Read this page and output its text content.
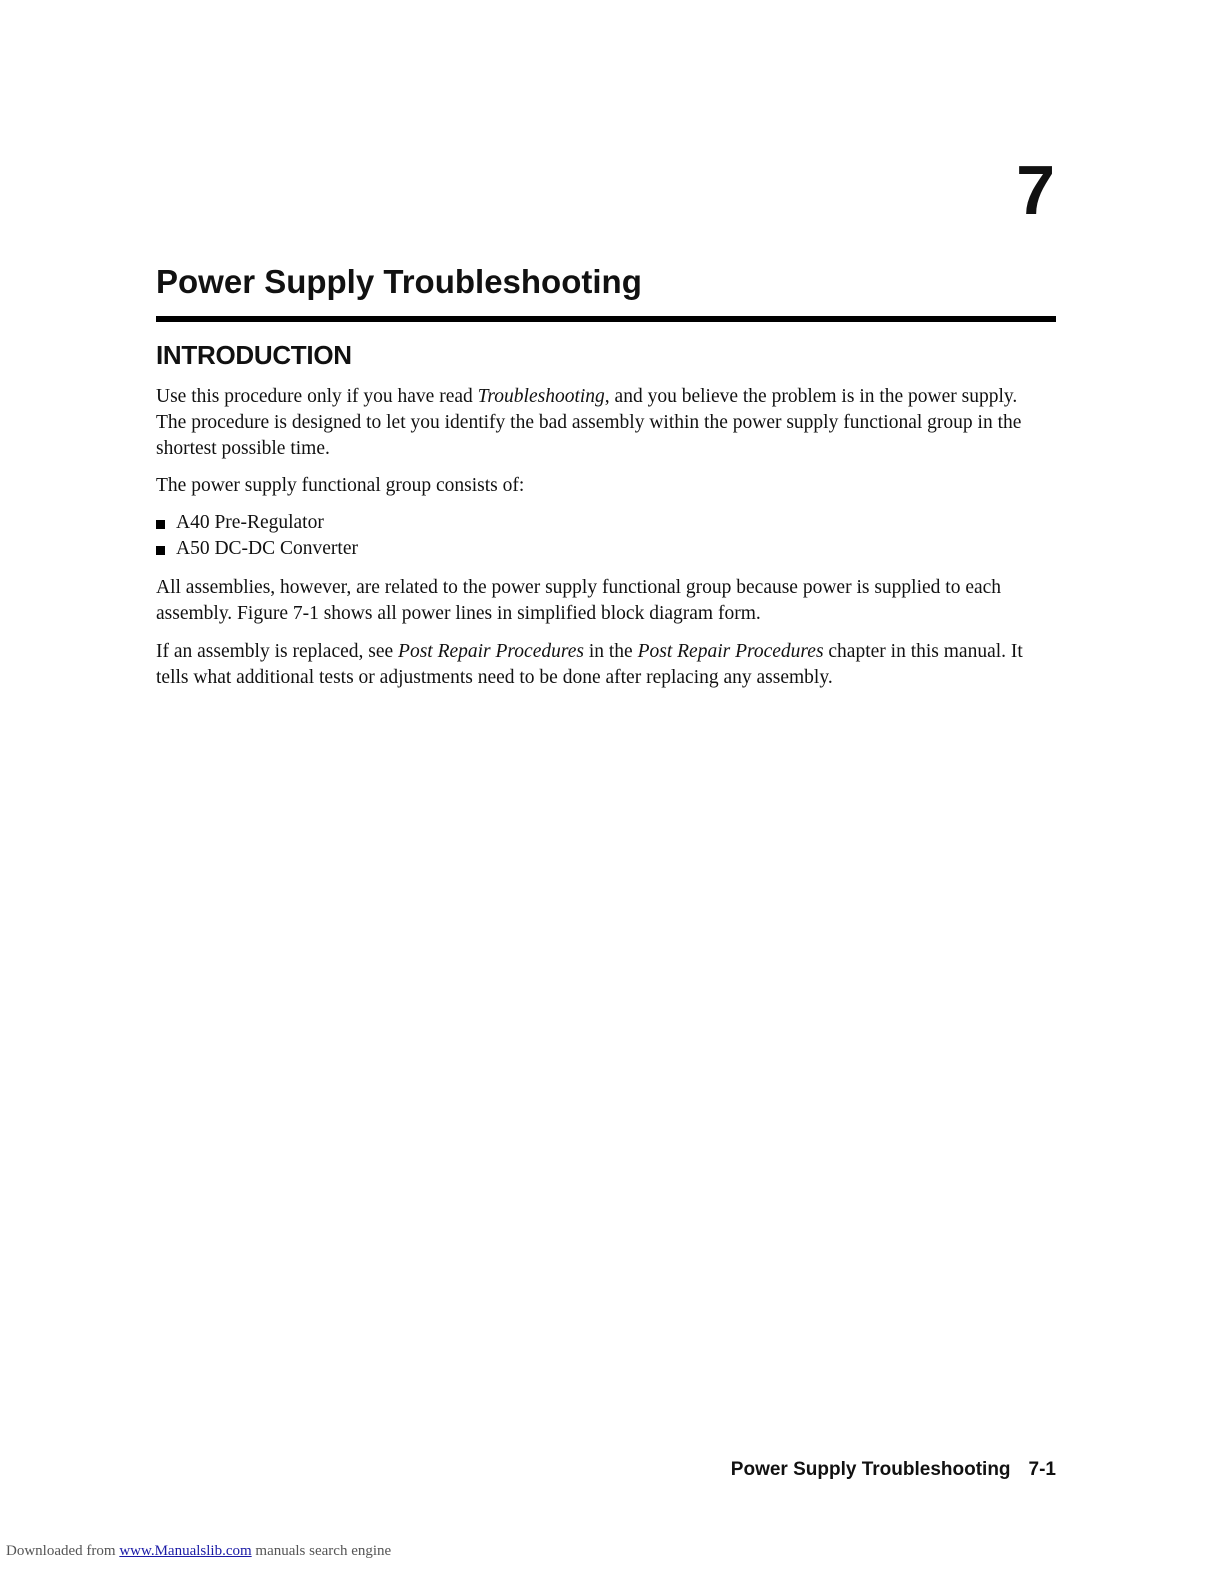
7
Power Supply Troubleshooting
INTRODUCTION

Use this procedure only if you have read Troubleshooting, and you believe the problem is in the power supply. The procedure is designed to let you identify the bad assembly within the power supply functional group in the shortest possible time.

The power supply functional group consists of:

A40 Pre-Regulator
A50 DC-DC Converter

All assemblies, however, are related to the power supply functional group because power is supplied to each assembly. Figure 7-1 shows all power lines in simplified block diagram form.

If an assembly is replaced, see Post Repair Procedures in the Post Repair Procedures chapter in this manual. It tells what additional tests or adjustments need to be done after replacing any assembly.

Power Supply Troubleshooting 7-1
Downloaded from www.Manualslib.com manuals search engine
